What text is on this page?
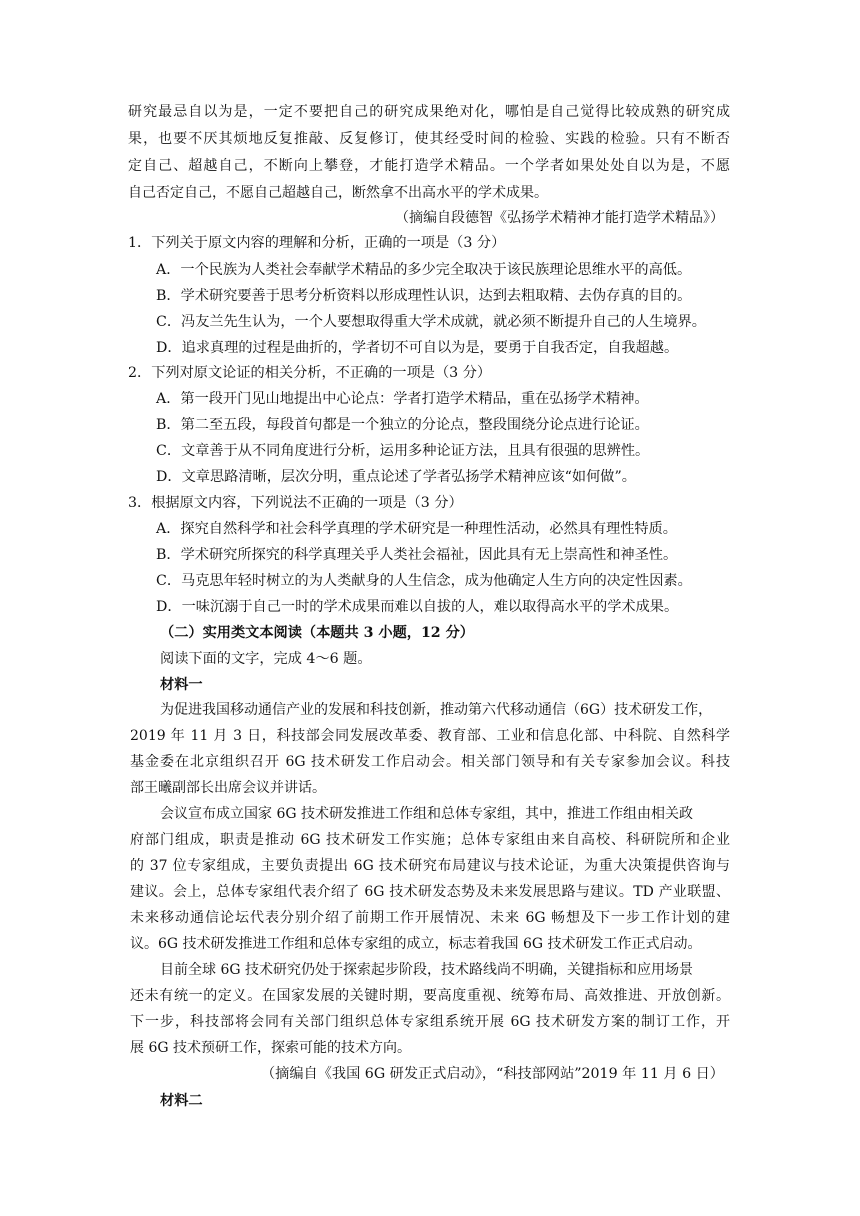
研究最忌自以为是，一定不要把自己的研究成果绝对化，哪怕是自己觉得比较成熟的研究成
果，也要不厌其烦地反复推敲、反复修订，使其经受时间的检验、实践的检验。只有不断否
定自己、超越自己，不断向上攀登，才能打造学术精品。一个学者如果处处自以为是，不愿
自己否定自己，不愿自己超越自己，断然拿不出高水平的学术成果。
（摘编自段德智《弘扬学术精神才能打造学术精品》）
1．下列关于原文内容的理解和分析，正确的一项是（3 分）
A．一个民族为人类社会奉献学术精品的多少完全取决于该民族理论思维水平的高低。
B．学术研究要善于思考分析资料以形成理性认识，达到去粗取精、去伪存真的目的。
C．冯友兰先生认为，一个人要想取得重大学术成就，就必须不断提升自己的人生境界。
D．追求真理的过程是曲折的，学者切不可自以为是，要勇于自我否定，自我超越。
2．下列对原文论证的相关分析，不正确的一项是（3 分）
A．第一段开门见山地提出中心论点：学者打造学术精品，重在弘扬学术精神。
B．第二至五段，每段首句都是一个独立的分论点，整段围绕分论点进行论证。
C．文章善于从不同角度进行分析，运用多种论证方法，且具有很强的思辨性。
D．文章思路清晰，层次分明，重点论述了学者弘扬学术精神应该“如何做”。
3．根据原文内容，下列说法不正确的一项是（3 分）
A．探究自然科学和社会科学真理的学术研究是一种理性活动，必然具有理性特质。
B．学术研究所探究的科学真理关乎人类社会福祉，因此具有无上崇高性和神圣性。
C．马克思年轻时树立的为人类献身的人生信念，成为他确定人生方向的决定性因素。
D．一味沉溺于自己一时的学术成果而难以自拔的人，难以取得高水平的学术成果。
（二）实用类文本阅读（本题共 3 小题，12 分）
阅读下面的文字，完成 4～6 题。
材料一
为促进我国移动通信产业的发展和科技创新，推动第六代移动通信（6G）技术研发工作，
2019 年 11 月 3 日，科技部会同发展改革委、教育部、工业和信息化部、中科院、自然科学
基金委在北京组织召开 6G 技术研发工作启动会。相关部门领导和有关专家参加会议。科技
部王曦副部长出席会议并讲话。
会议宣布成立国家 6G 技术研发推进工作组和总体专家组，其中，推进工作组由相关政
府部门组成，职责是推动 6G 技术研发工作实施；总体专家组由来自高校、科研院所和企业
的 37 位专家组成，主要负责提出 6G 技术研究布局建议与技术论证，为重大决策提供咨询与
建议。会上，总体专家组代表介绍了 6G 技术研发态势及未来发展思路与建议。TD 产业联盟、
未来移动通信论坛代表分别介绍了前期工作开展情况、未来 6G 畅想及下一步工作计划的建
议。6G 技术研发推进工作组和总体专家组的成立，标志着我国 6G 技术研发工作正式启动。
目前全球 6G 技术研究仍处于探索起步阶段，技术路线尚不明确，关键指标和应用场景
还未有统一的定义。在国家发展的关键时期，要高度重视、统筹布局、高效推进、开放创新。
下一步，科技部将会同有关部门组织总体专家组系统开展 6G 技术研发方案的制订工作，开
展 6G 技术预研工作，探索可能的技术方向。
（摘编自《我国 6G 研发正式启动》，“科技部网站”2019 年 11 月 6 日）
材料二
